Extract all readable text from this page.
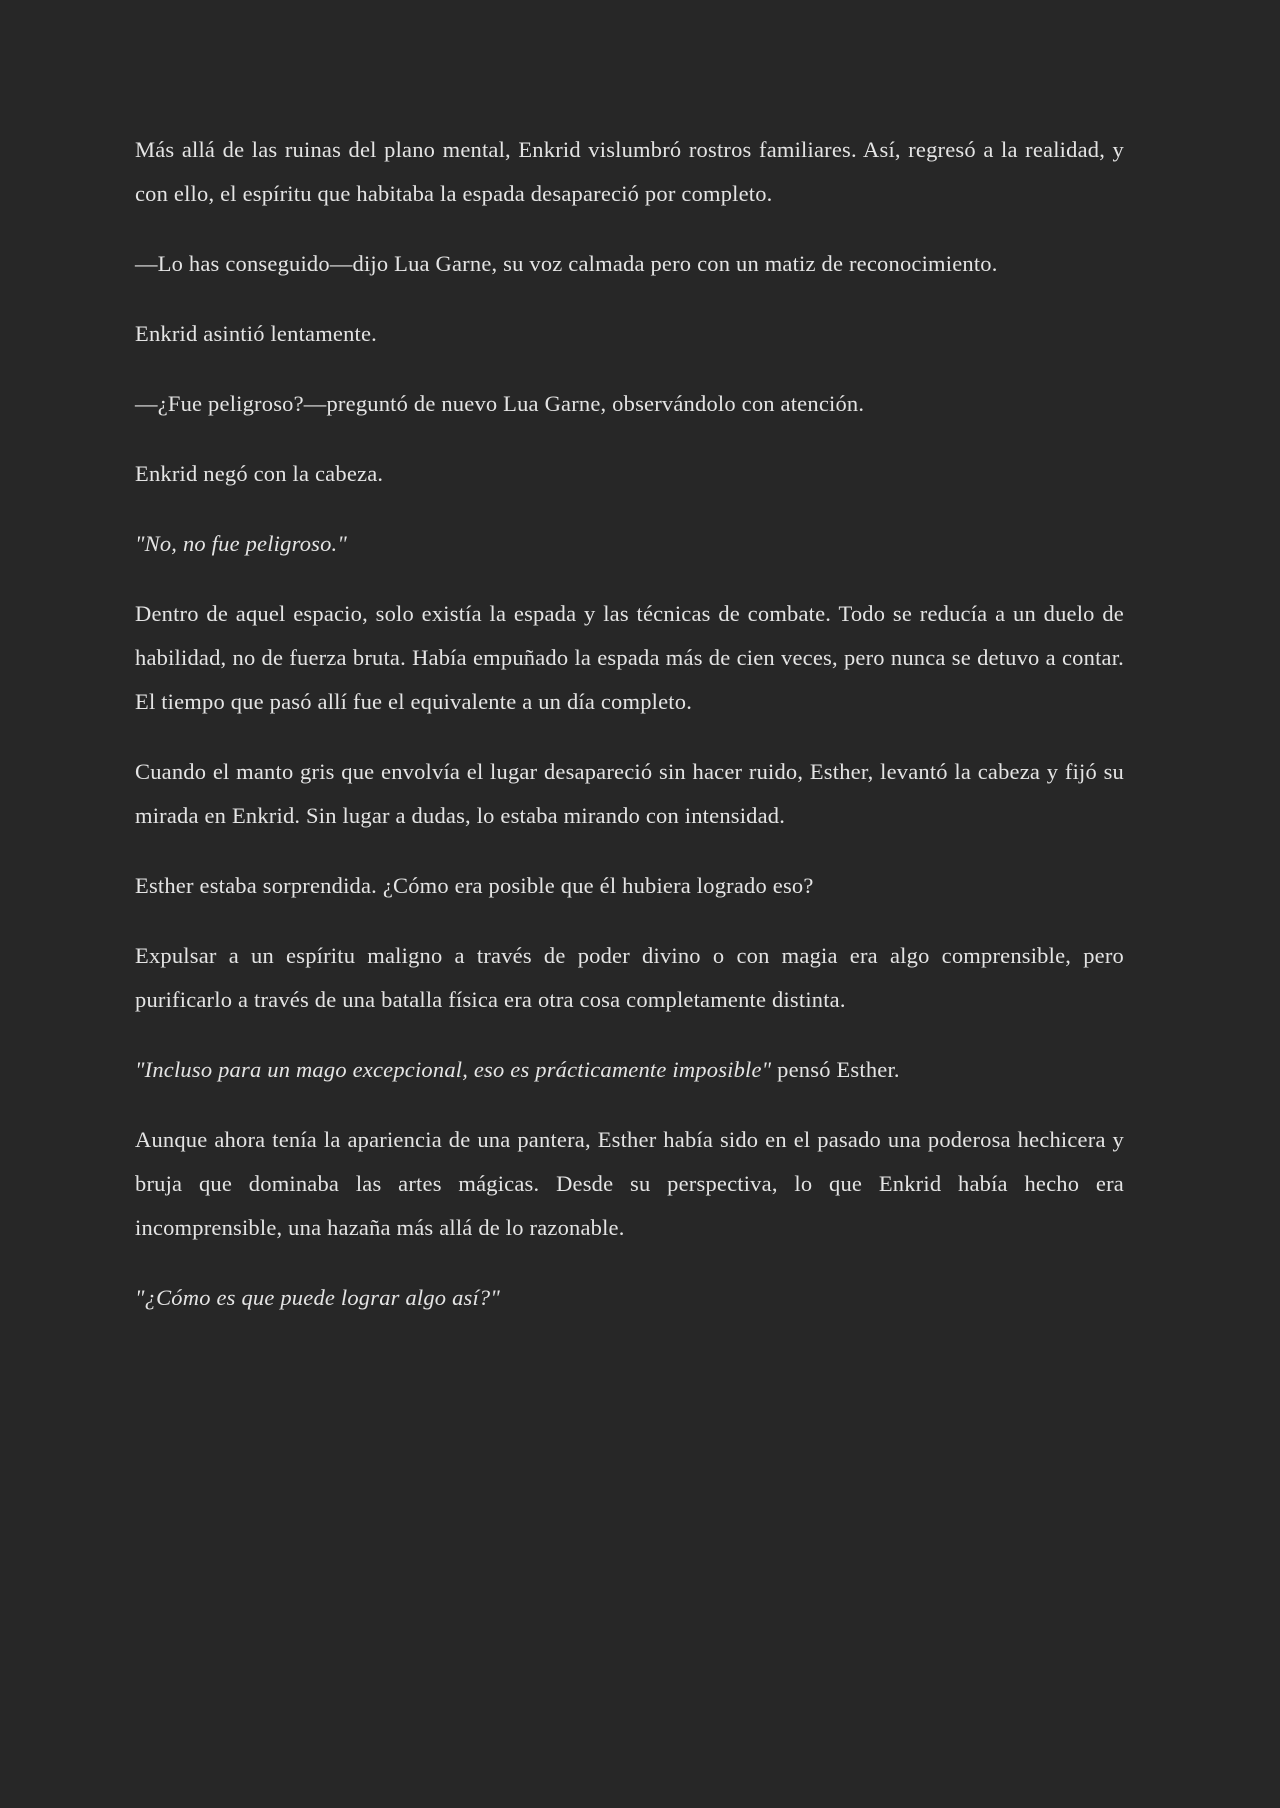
Más allá de las ruinas del plano mental, Enkrid vislumbró rostros familiares. Así, regresó a la realidad, y con ello, el espíritu que habitaba la espada desapareció por completo.

—Lo has conseguido—dijo Lua Garne, su voz calmada pero con un matiz de reconocimiento.

Enkrid asintió lentamente.

—¿Fue peligroso?—preguntó de nuevo Lua Garne, observándolo con atención.

Enkrid negó con la cabeza.

"No, no fue peligroso."

Dentro de aquel espacio, solo existía la espada y las técnicas de combate. Todo se reducía a un duelo de habilidad, no de fuerza bruta. Había empuñado la espada más de cien veces, pero nunca se detuvo a contar. El tiempo que pasó allí fue el equivalente a un día completo.

Cuando el manto gris que envolvía el lugar desapareció sin hacer ruido, Esther, levantó la cabeza y fijó su mirada en Enkrid. Sin lugar a dudas, lo estaba mirando con intensidad.

Esther estaba sorprendida. ¿Cómo era posible que él hubiera logrado eso?

Expulsar a un espíritu maligno a través de poder divino o con magia era algo comprensible, pero purificarlo a través de una batalla física era otra cosa completamente distinta.

"Incluso para un mago excepcional, eso es prácticamente imposible" pensó Esther.

Aunque ahora tenía la apariencia de una pantera, Esther había sido en el pasado una poderosa hechicera y bruja que dominaba las artes mágicas. Desde su perspectiva, lo que Enkrid había hecho era incomprensible, una hazaña más allá de lo razonable.

"¿Cómo es que puede lograr algo así?"
